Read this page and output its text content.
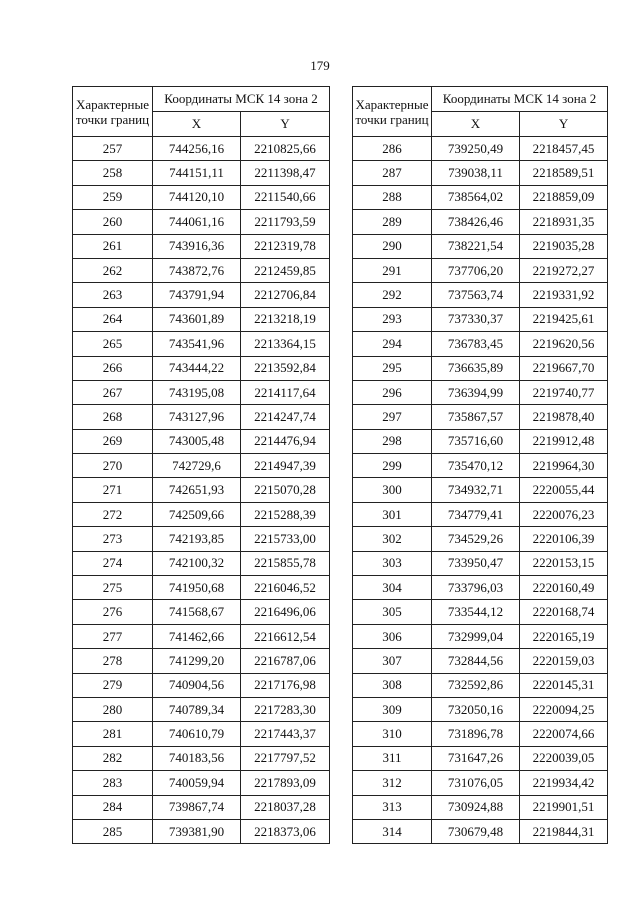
179
Характерные
точки границ	Координаты МСК 14 зона 2	
	X	Y
257	744256,16	2210825,66
258	744151,11	2211398,47
259	744120,10	2211540,66
260	744061,16	2211793,59
261	743916,36	2212319,78
262	743872,76	2212459,85
263	743791,94	2212706,84
264	743601,89	2213218,19
265	743541,96	2213364,15
266	743444,22	2213592,84
267	743195,08	2214117,64
268	743127,96	2214247,74
269	743005,48	2214476,94
270	742729,6	2214947,39
271	742651,93	2215070,28
272	742509,66	2215288,39
273	742193,85	2215733,00
274	742100,32	2215855,78
275	741950,68	2216046,52
276	741568,67	2216496,06
277	741462,66	2216612,54
278	741299,20	2216787,06
279	740904,56	2217176,98
280	740789,34	2217283,30
281	740610,79	2217443,37
282	740183,56	2217797,52
283	740059,94	2217893,09
284	739867,74	2218037,28
285	739381,90	2218373,06
Характерные
точки границ	Координаты МСК 14 зона 2	
	X	Y
286	739250,49	2218457,45
287	739038,11	2218589,51
288	738564,02	2218859,09
289	738426,46	2218931,35
290	738221,54	2219035,28
291	737706,20	2219272,27
292	737563,74	2219331,92
293	737330,37	2219425,61
294	736783,45	2219620,56
295	736635,89	2219667,70
296	736394,99	2219740,77
297	735867,57	2219878,40
298	735716,60	2219912,48
299	735470,12	2219964,30
300	734932,71	2220055,44
301	734779,41	2220076,23
302	734529,26	2220106,39
303	733950,47	2220153,15
304	733796,03	2220160,49
305	733544,12	2220168,74
306	732999,04	2220165,19
307	732844,56	2220159,03
308	732592,86	2220145,31
309	732050,16	2220094,25
310	731896,78	2220074,66
311	731647,26	2220039,05
312	731076,05	2219934,42
313	730924,88	2219901,51
314	730679,48	2219844,31
